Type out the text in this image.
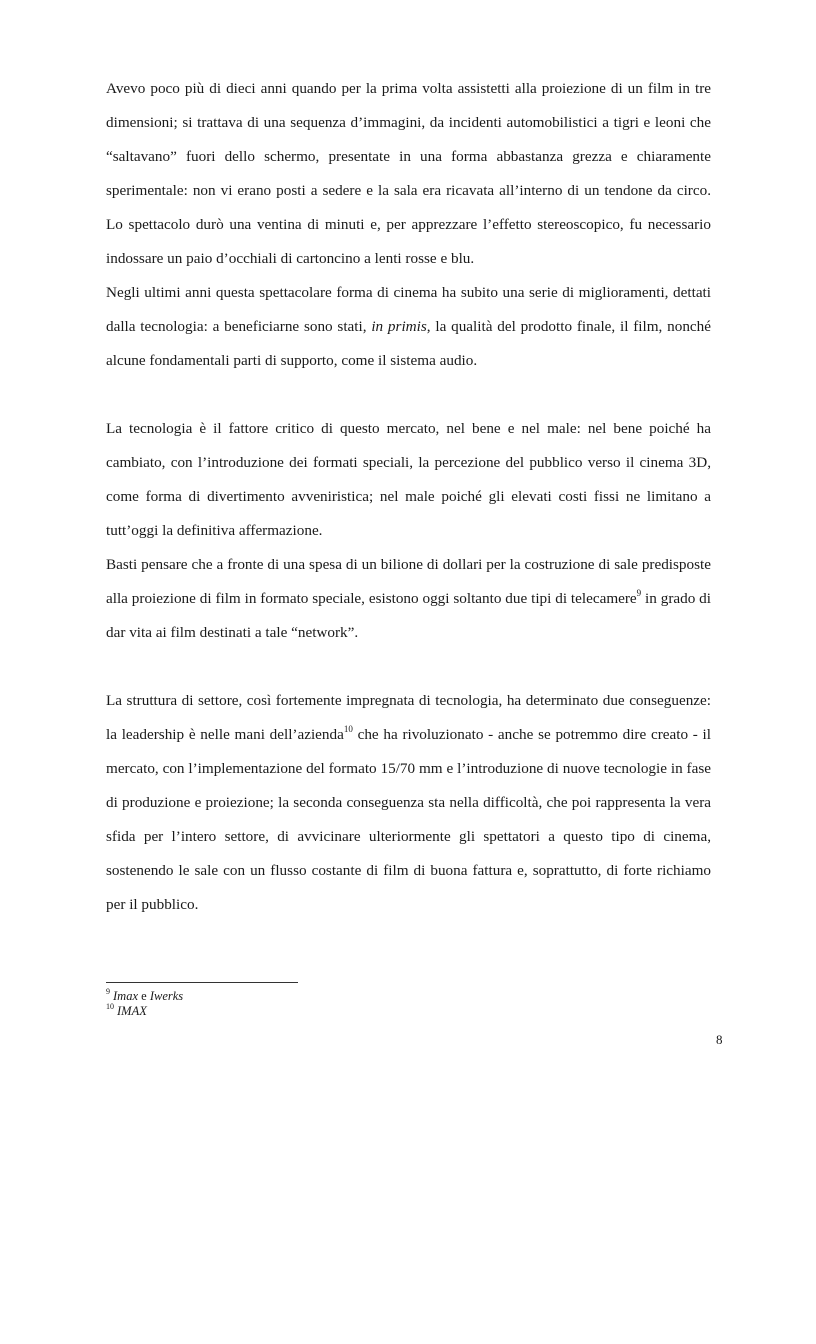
Avevo poco più di dieci anni quando per la prima volta assistetti alla proiezione di un film in tre dimensioni; si trattava di una sequenza d’immagini, da incidenti automobilistici a tigri e leoni che “saltavano” fuori dello schermo, presentate in una forma abbastanza grezza e chiaramente sperimentale: non vi erano posti a sedere e la sala era ricavata all’interno di un tendone da circo. Lo spettacolo durò una ventina di minuti e, per apprezzare l’effetto stereoscopico, fu necessario indossare un paio d’occhiali di cartoncino a lenti rosse e blu.

Negli ultimi anni questa spettacolare forma di cinema ha subito una serie di miglioramenti, dettati dalla tecnologia: a beneficiarne sono stati, in primis, la qualità del prodotto finale, il film, nonché alcune fondamentali parti di supporto, come il sistema audio.

La tecnologia è il fattore critico di questo mercato, nel bene e nel male: nel bene poiché ha cambiato, con l’introduzione dei formati speciali, la percezione del pubblico verso il cinema 3D, come forma di divertimento avveniristica; nel male poiché gli elevati costi fissi ne limitano a tutt’oggi la definitiva affermazione.

Basti pensare che a fronte di una spesa di un bilione di dollari per la costruzione di sale predisposte alla proiezione di film in formato speciale, esistono oggi soltanto due tipi di telecamere$^9$ in grado di dar vita ai film destinati a tale “network”.

La struttura di settore, così fortemente impregnata di tecnologia, ha determinato due conseguenze: la leadership è nelle mani dell’azienda$^{10}$ che ha rivoluzionato - anche se potremmo dire creato - il mercato, con l’implementazione del formato 15/70 mm e l’introduzione di nuove tecnologie in fase di produzione e proiezione; la seconda conseguenza sta nella difficoltà, che poi rappresenta la vera sfida per l’intero settore, di avvicinare ulteriormente gli spettatori a questo tipo di cinema, sostenendo le sale con un flusso costante di film di buona fattura e, soprattutto, di forte richiamo per il pubblico.

$^9$ Imax e Iwerks

$^{10}$ IMAX

8
